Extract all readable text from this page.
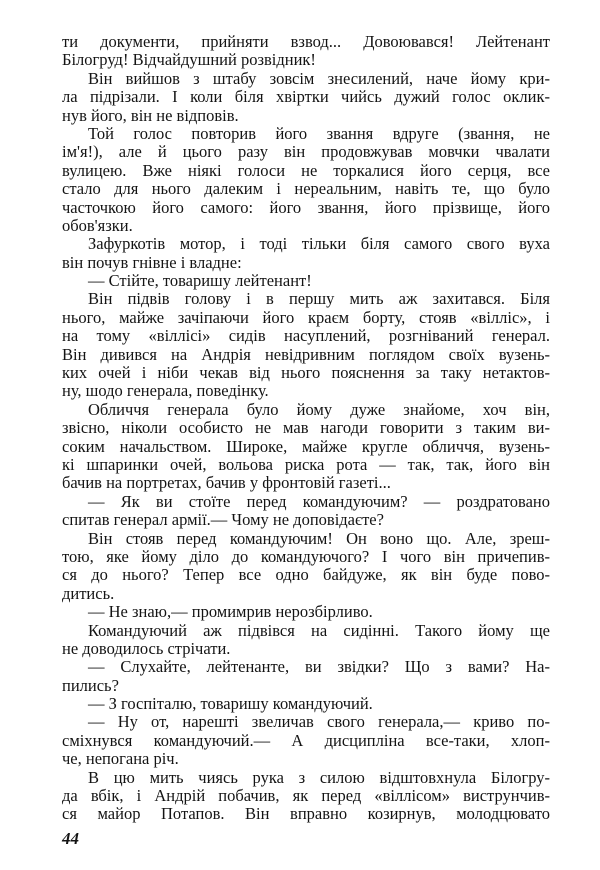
ти документи, прийняти взвод... Довоювався! Лейтенант
Білогруд! Відчайдушний розвідник!
Він вийшов з штабу зовсім знесилений, наче йому кри-
ла підрізали. І коли біля хвіртки чийсь дужий голос оклик-
нув його, він не відповів.
Той голос повторив його звання вдруге (звання, не
ім'я!), але й цього разу він продовжував мовчки чвалати
вулицею. Вже ніякі голоси не торкалися його серця, все
стало для нього далеким і нереальним, навіть те, що було
часточкою його самого: його звання, його прізвище, його
обов'язки.
Зафуркотів мотор, і тоді тільки біля самого свого вуха
він почув гнівне і владне:
— Стійте, товаришу лейтенант!
Він підвів голову і в першу мить аж захитався. Біля
нього, майже зачіпаючи його краєм борту, стояв «вілліс», і
на тому «віллісі» сидів насуплений, розгніваний генерал.
Він дивився на Андрія невідривним поглядом своїх вузень-
ких очей і ніби чекав від нього пояснення за таку нетактов-
ну, шодо генерала, поведінку.
Обличчя генерала було йому дуже знайоме, хоч він,
звісно, ніколи особисто не мав нагоди говорити з таким ви-
соким начальством. Широке, майже кругле обличчя, вузень-
кі шпаринки очей, вольова риска рота — так, так, його він
бачив на портретах, бачив у фронтовій газеті...
— Як ви стоїте перед командуючим? — роздратовано
спитав генерал армії.— Чому не доповідаєте?
Він стояв перед командуючим! Он воно що. Але, зреш-
тою, яке йому діло до командуючого? І чого він причепив-
ся до нього? Тепер все одно байдуже, як він буде пово-
дитись.
— Не знаю,— промимрив нерозбірливо.
Командуючий аж підвівся на сидінні. Такого йому ще
не доводилось стрічати.
— Слухайте, лейтенанте, ви звідки? Що з вами? На-
пились?
— З госпіталю, товаришу командуючий.
— Ну от, нарешті звеличав свого генерала,— криво по-
сміхнувся командуючий.— А дисципліна все-таки, хлоп-
че, непогана річ.
В цю мить чиясь рука з силою відштовхнула Білогру-
да вбік, і Андрій побачив, як перед «віллісом» виструнчив-
ся майор Потапов. Він вправно козирнув, молодцювато
44
